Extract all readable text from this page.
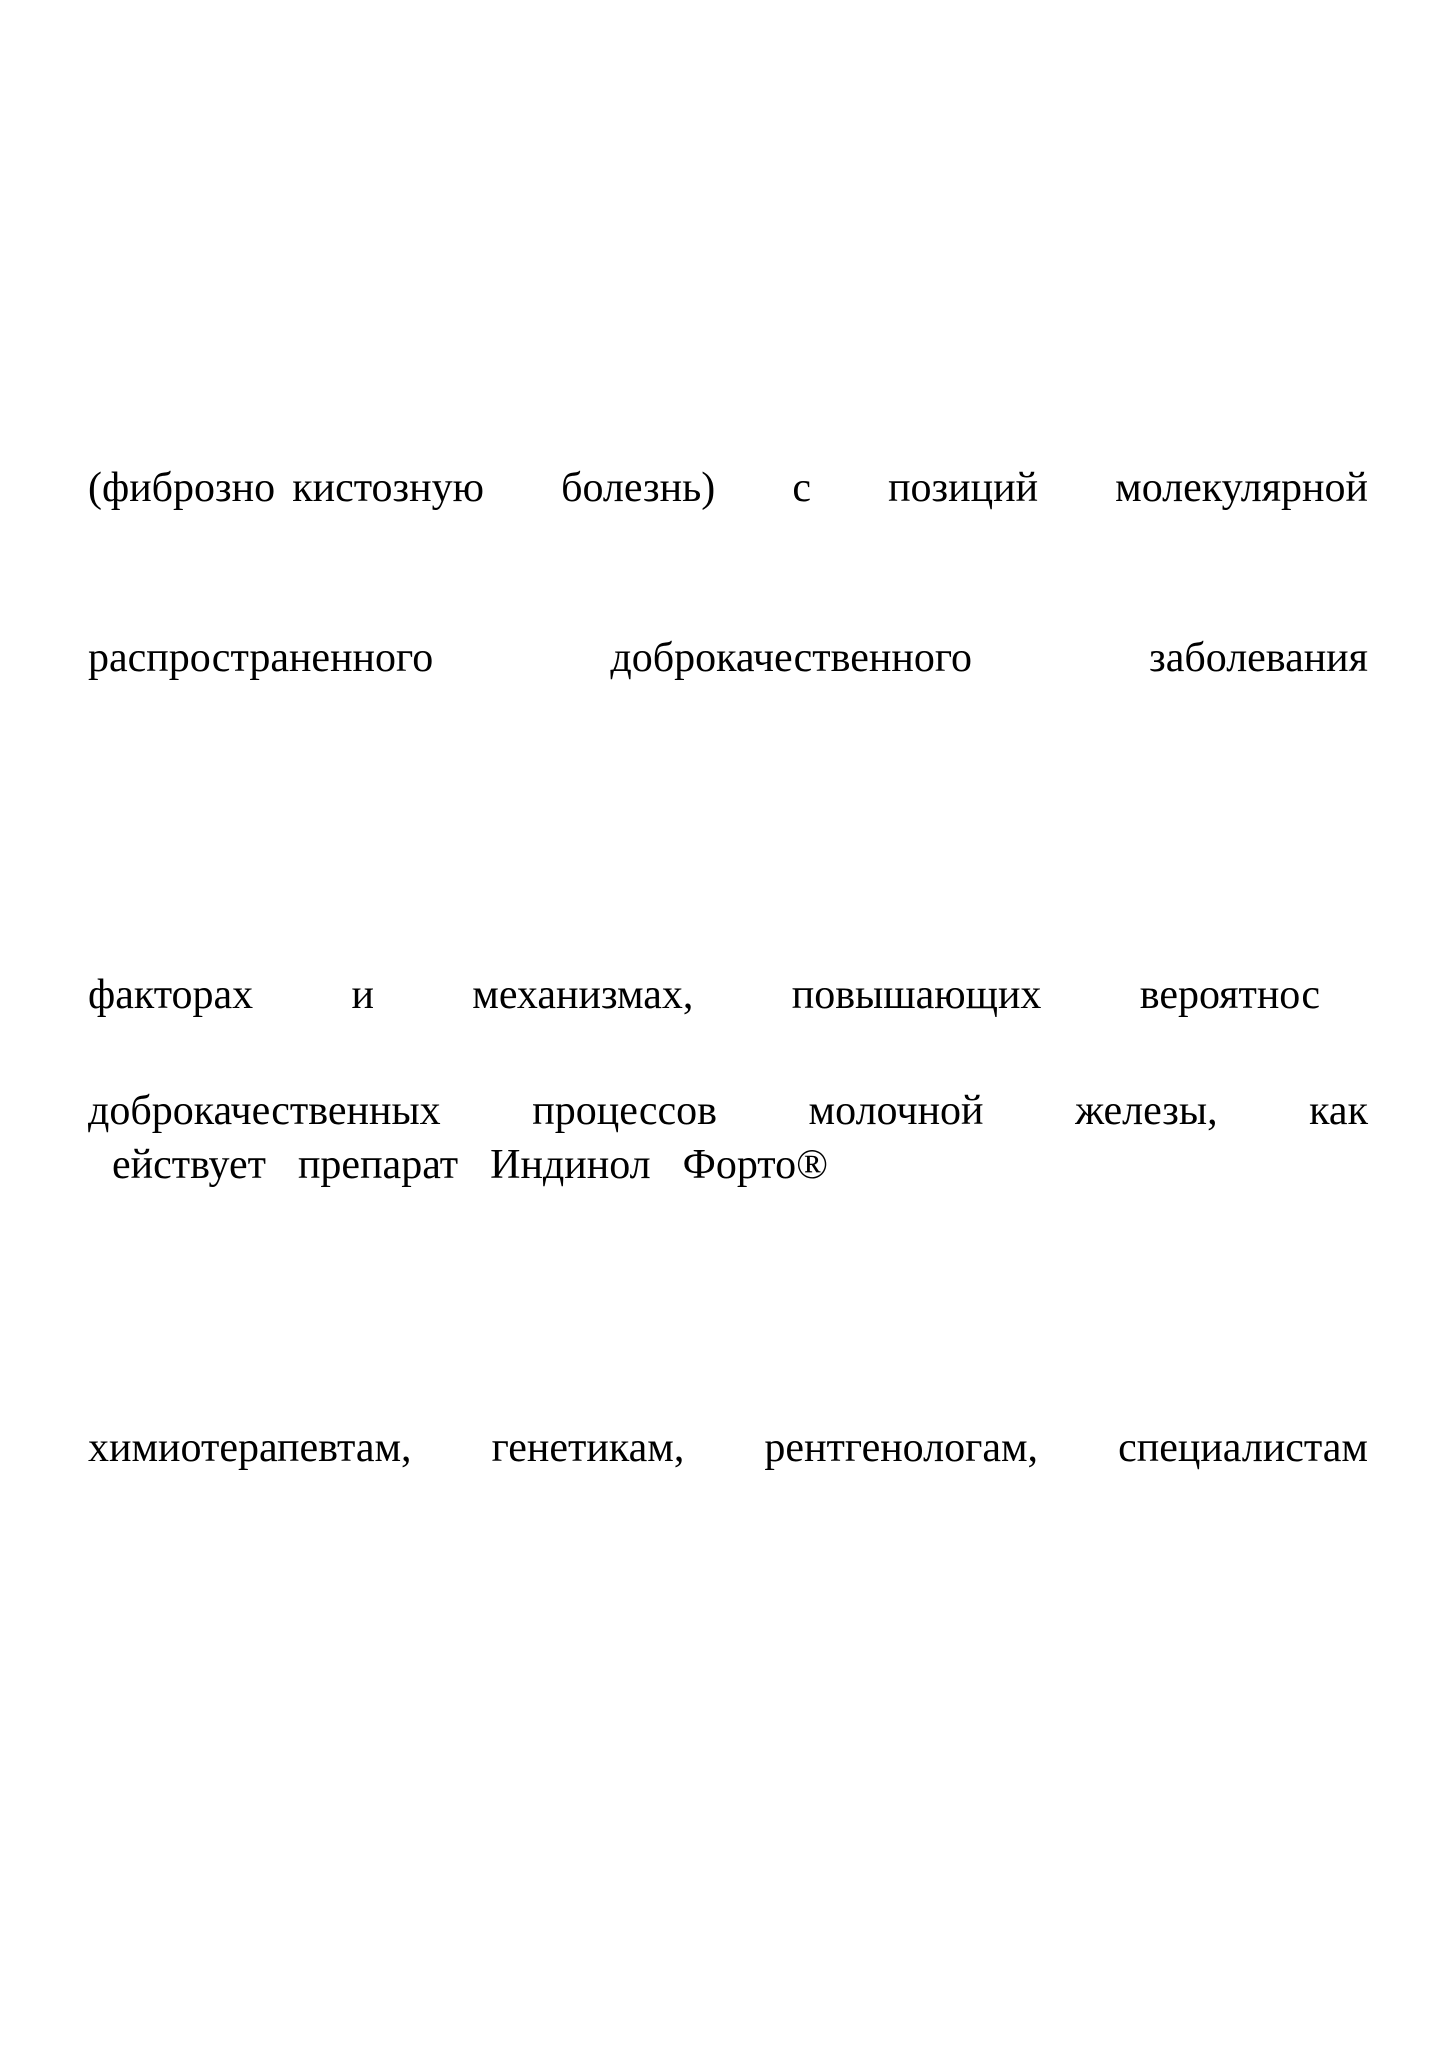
(фиброзно кистозную болезнь) с позиций молекулярной
распространенного	доброкачественного	заболевания
факторах и механизмах, повышающих вероятнос
доброкачественных процессов молочной железы, как
ействует препарат Индинол Форто®
химиотерапевтам, генетикам, рентгенологам, специалистам
